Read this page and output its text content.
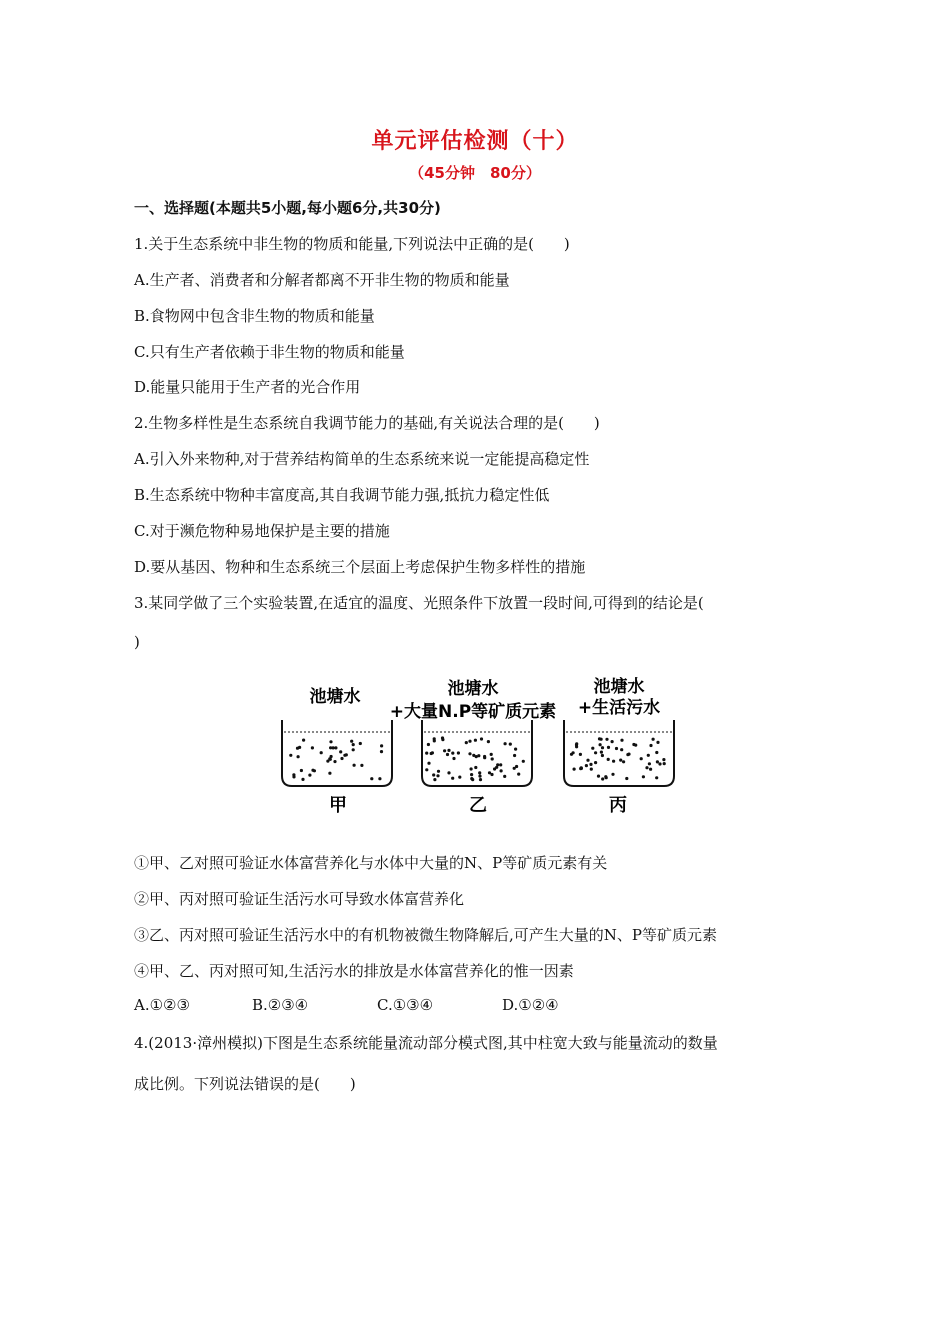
单元评估检测（十）
（45分钟　80分）
一、选择题(本题共5小题,每小题6分,共30分)
1.关于生态系统中非生物的物质和能量,下列说法中正确的是(　　)
A.生产者、消费者和分解者都离不开非生物的物质和能量
B.食物网中包含非生物的物质和能量
C.只有生产者依赖于非生物的物质和能量
D.能量只能用于生产者的光合作用
2.生物多样性是生态系统自我调节能力的基础,有关说法合理的是(　　)
A.引入外来物种,对于营养结构简单的生态系统来说一定能提高稳定性
B.生态系统中物种丰富度高,其自我调节能力强,抵抗力稳定性低
C.对于濒危物种易地保护是主要的措施
D.要从基因、物种和生态系统三个层面上考虑保护生物多样性的措施
3.某同学做了三个实验装置,在适宜的温度、光照条件下放置一段时间,可得到的结论是(
)
池塘水
甲
池塘水
+大量N.P等矿质元素
乙
池塘水
+生活污水
丙
①甲、乙对照可验证水体富营养化与水体中大量的N、P等矿质元素有关
②甲、丙对照可验证生活污水可导致水体富营养化
③乙、丙对照可验证生活污水中的有机物被微生物降解后,可产生大量的N、P等矿质元素
④甲、乙、丙对照可知,生活污水的排放是水体富营养化的惟一因素
A.①②③	B.②③④	C.①③④	D.①②④
4.(2013·漳州模拟)下图是生态系统能量流动部分模式图,其中柱宽大致与能量流动的数量
成比例。下列说法错误的是(　　)
